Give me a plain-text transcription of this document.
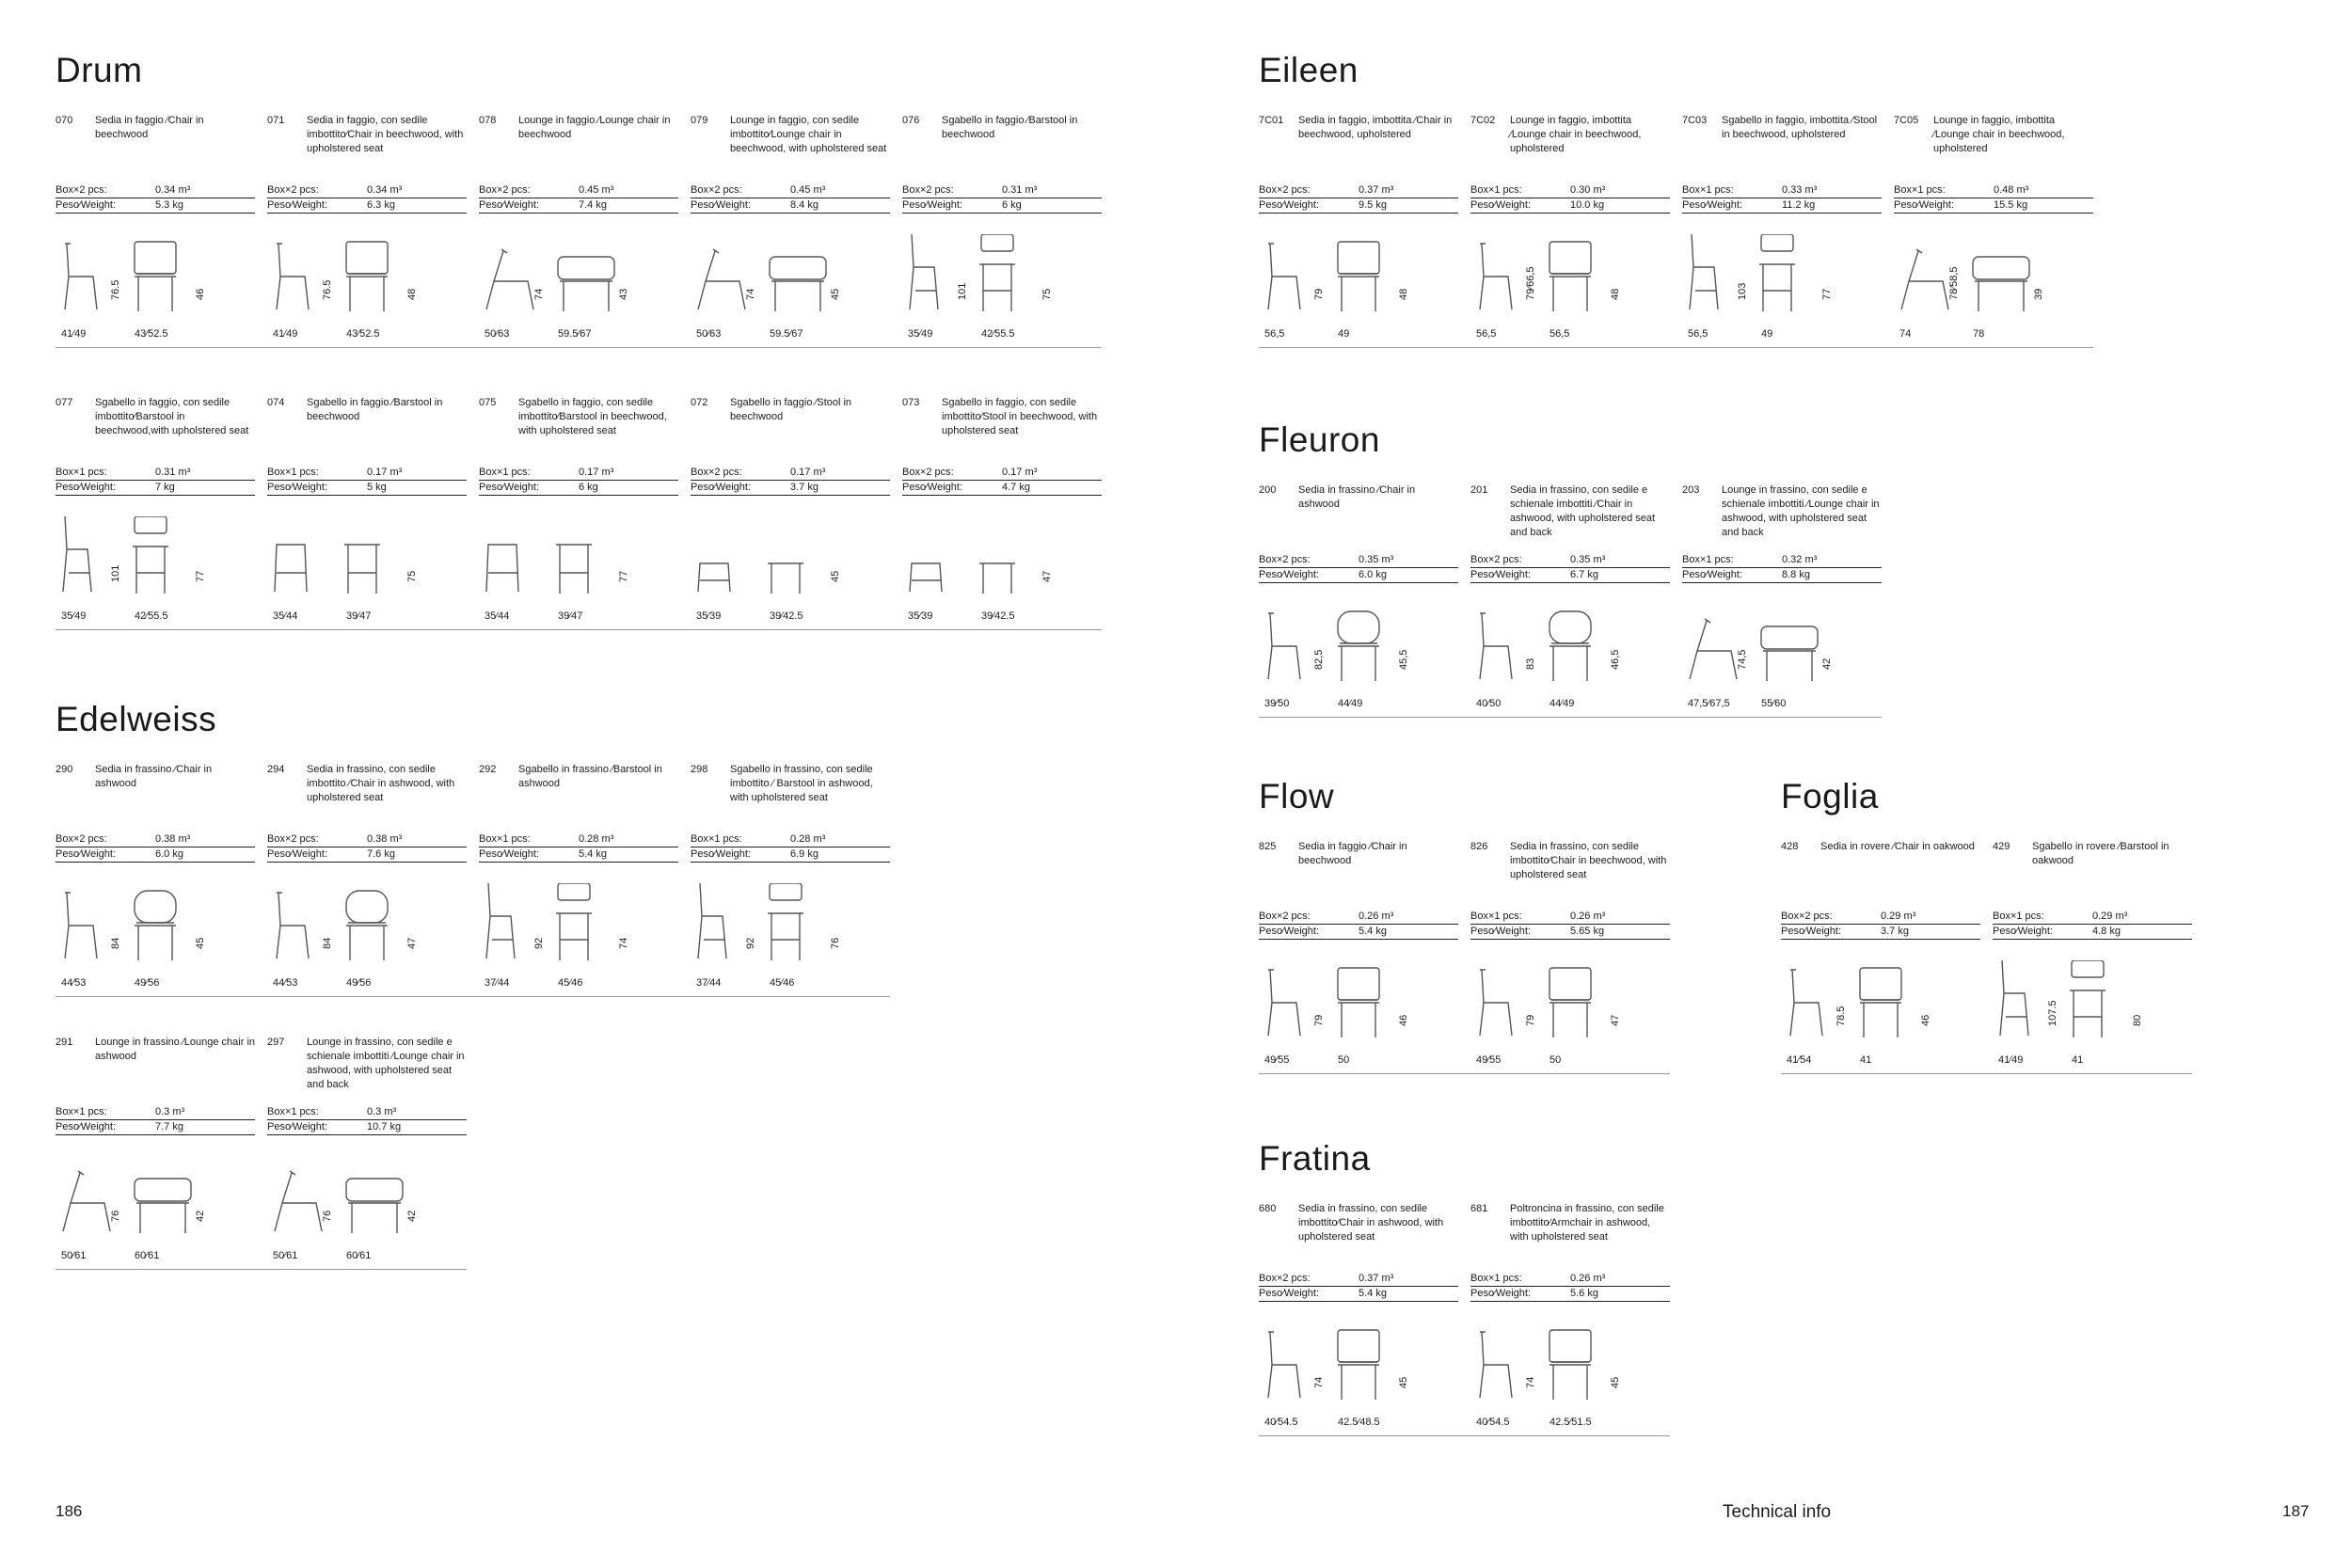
Drum
070	Sedia in faggio ∕Chair in beechwood
Box×2 pcs:	0.34 m³
Peso∕Weight:	5.3 kg
76.5	46
41∕49	43∕52.5
071	Sedia in faggio, con sedile imbottito∕Chair in beechwood, with upholstered seat
Box×2 pcs:	0.34 m³
Peso∕Weight:	6.3 kg
76.5	48
41∕49	43∕52.5
078	Lounge in faggio ∕Lounge chair in beechwood
Box×2 pcs:	0.45 m³
Peso∕Weight:	7.4 kg
74	43
50∕63	59.5∕67
079	Lounge in faggio, con sedile imbottito∕Lounge chair in beechwood, with upholstered seat
Box×2 pcs:	0.45 m³
Peso∕Weight:	8.4 kg
74	45
50∕63	59.5∕67
076	Sgabello in faggio ∕Barstool in beechwood
Box×2 pcs:	0.31 m³
Peso∕Weight:	6 kg
101	75
35∕49	42∕55.5
077	Sgabello in faggio, con sedile imbottito∕Barstool in beechwood,with upholstered seat
Box×1 pcs:	0.31 m³
Peso∕Weight:	7 kg
101	77
35∕49	42∕55.5
074	Sgabello in faggio ∕Barstool in beechwood
Box×1 pcs:	0.17 m³
Peso∕Weight:	5 kg
75
35∕44	39∕47
075	Sgabello in faggio, con sedile imbottito∕Barstool in beechwood, with upholstered seat
Box×1 pcs:	0.17 m³
Peso∕Weight:	6 kg
77
35∕44	39∕47
072	Sgabello in faggio ∕Stool in beechwood
Box×2 pcs:	0.17 m³
Peso∕Weight:	3.7 kg
45
35∕39	39∕42.5
073	Sgabello in faggio, con sedile imbottito∕Stool in beechwood, with upholstered seat
Box×2 pcs:	0.17 m³
Peso∕Weight:	4.7 kg
47
35∕39	39∕42.5
Edelweiss
290	Sedia in frassino ∕Chair in ashwood
Box×2 pcs:	0.38 m³
Peso∕Weight:	6.0 kg
84	45
44∕53	49∕56
294	Sedia in frassino, con sedile imbottito ∕Chair in ashwood, with upholstered seat
Box×2 pcs:	0.38 m³
Peso∕Weight:	7.6 kg
84	47
44∕53	49∕56
292	Sgabello in frassino ∕Barstool in ashwood
Box×1 pcs:	0.28 m³
Peso∕Weight:	5.4 kg
92	74
37∕44	45∕46
298	Sgabello in frassino, con sedile imbottito ∕ Barstool in ashwood, with upholstered seat
Box×1 pcs:	0.28 m³
Peso∕Weight:	6.9 kg
92	76
37∕44	45∕46
291	Lounge in frassino ∕Lounge chair in ashwood
Box×1 pcs:	0.3 m³
Peso∕Weight:	7.7 kg
76	42
50∕61	60∕61
297	Lounge in frassino, con sedile e schienale imbottiti ∕Lounge chair in ashwood, with upholstered seat and back
Box×1 pcs:	0.3 m³
Peso∕Weight:	10.7 kg
76	42
50∕61	60∕61
186
Eileen
7C01	Sedia in faggio, imbottita ∕Chair in beechwood, upholstered
Box×2 pcs:	0.37 m³
Peso∕Weight:	9.5 kg
79	48
56,5	49
7C02	Lounge in faggio, imbottita ∕Lounge chair in beechwood, upholstered
Box×1 pcs:	0.30 m³
Peso∕Weight:	10.0 kg
79∕66,5	48
56,5	56,5
7C03	Sgabello in faggio, imbottita ∕Stool in beechwood, upholstered
Box×1 pcs:	0.33 m³
Peso∕Weight:	11.2 kg
103	77
56,5	49
7C05	Lounge in faggio, imbottita ∕Lounge chair in beechwood, upholstered
Box×1 pcs:	0.48 m³
Peso∕Weight:	15.5 kg
78∕58,5	39
74	78
Fleuron
200	Sedia in frassino ∕Chair in ashwood
Box×2 pcs:	0.35 m³
Peso∕Weight:	6.0 kg
82,5	45,5
39∕50	44∕49
201	Sedia in frassino, con sedile e schienale imbottiti ∕Chair in ashwood, with upholstered seat and back
Box×2 pcs:	0.35 m³
Peso∕Weight:	6.7 kg
83	46,5
40∕50	44∕49
203	Lounge in frassino, con sedile e schienale imbottiti ∕Lounge chair in ashwood, with upholstered seat and back
Box×1 pcs:	0.32 m³
Peso∕Weight:	8.8 kg
74,5	42
47,5∕67,5	55∕60
Flow
825	Sedia in faggio ∕Chair in beechwood
Box×2 pcs:	0.26 m³
Peso∕Weight:	5.4 kg
79	46
49∕55	50
826	Sedia in frassino, con sedile imbottito∕Chair in beechwood, with upholstered seat
Box×1 pcs:	0.26 m³
Peso∕Weight:	5.65 kg
79	47
49∕55	50
Foglia
428	Sedia in rovere ∕Chair in oakwood
Box×2 pcs:	0.29 m³
Peso∕Weight:	3.7 kg
78.5	46
41∕54	41
429	Sgabello in rovere ∕Barstool in oakwood
Box×1 pcs:	0.29 m³
Peso∕Weight:	4.8 kg
107.5	80
41∕49	41
Fratina
680	Sedia in frassino, con sedile imbottito∕Chair in ashwood, with upholstered seat
Box×2 pcs:	0.37 m³
Peso∕Weight:	5.4 kg
74	45
40∕54.5	42.5∕48.5
681	Poltroncina in frassino, con sedile imbottito∕Armchair in ashwood, with upholstered seat
Box×1 pcs:	0.26 m³
Peso∕Weight:	5.6 kg
74	45
40∕54.5	42.5∕51.5
Technical info	187
